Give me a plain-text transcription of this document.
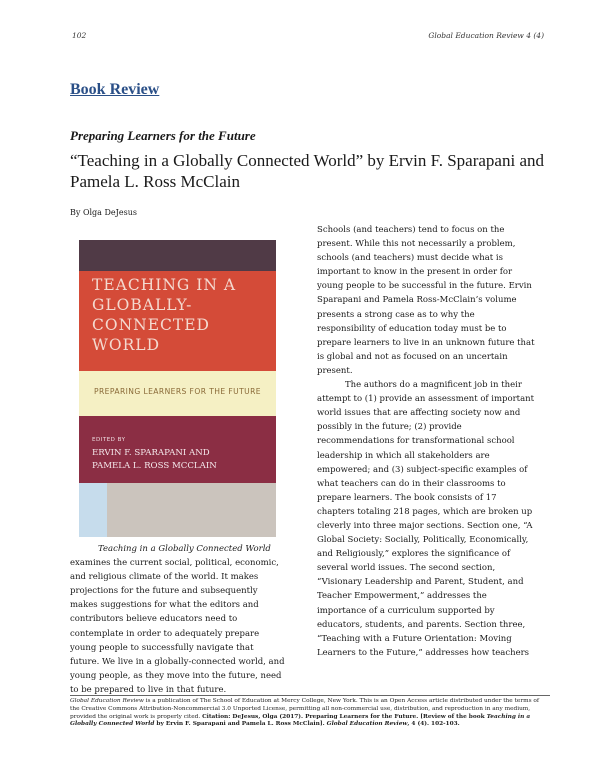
102	Global Education Review 4 (4)
Book Review
Preparing Learners for the Future
“Teaching in a Globally Connected World” by Ervin F. Sparapani and Pamela L. Ross McClain
By Olga DeJesus
TEACHING IN A GLOBALLY-CONNECTED WORLD
PREPARING LEARNERS FOR THE FUTURE
EDITED BY
ERVIN F. SPARAPANI AND
PAMELA L. ROSS MCCLAIN

Teaching in a Globally Connected World examines the current social, political, economic, and religious climate of the world. It makes projections for the future and subsequently makes suggestions for what the editors and contributors believe educators need to contemplate in order to adequately prepare young people to successfully navigate that future. We live in a globally-connected world, and young people, as they move into the future, need to be prepared to live in that future.

Schools (and teachers) tend to focus on the present. While this not necessarily a problem, schools (and teachers) must decide what is important to know in the present in order for young people to be successful in the future. Ervin Sparapani and Pamela Ross-McClain’s volume presents a strong case as to why the responsibility of education today must be to prepare learners to live in an unknown future that is global and not as focused on an uncertain present.

The authors do a magnificent job in their attempt to (1) provide an assessment of important world issues that are affecting society now and possibly in the future; (2) provide recommendations for transformational school leadership in which all stakeholders are empowered; and (3) subject-specific examples of what teachers can do in their classrooms to prepare learners. The book consists of 17 chapters totaling 218 pages, which are broken up cleverly into three major sections. Section one, “A Global Society: Socially, Politically, Economically, and Religiously,” explores the significance of several world issues. The second section, “Visionary Leadership and Parent, Student, and Teacher Empowerment,” addresses the importance of a curriculum supported by educators, students, and parents. Section three, “Teaching with a Future Orientation: Moving Learners to the Future,” addresses how teachers

Global Education Review is a publication of The School of Education at Mercy College, New York. This is an Open Access article distributed under the terms of the Creative Commons Attribution-Noncommercial 3.0 Unported License, permitting all non-commercial use, distribution, and reproduction in any medium, provided the original work is properly cited. Citation: DeJesus, Olga (2017). Preparing Learners for the Future. [Review of the book Teaching in a Globally Connected World by Ervin F. Sparapani and Pamela L. Ross McClain]. Global Education Review, 4 (4). 102-103.
